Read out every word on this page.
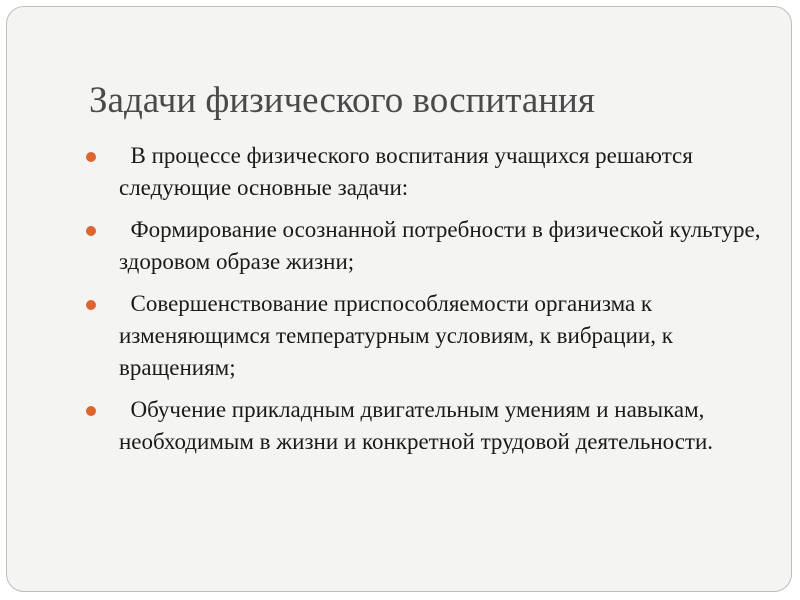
Задачи физического воспитания
В процессе физического воспитания учащихся решаются следующие основные задачи:
Формирование осознанной потребности в физической культуре, здоровом образе жизни;
Совершенствование приспособляемости организма к изменяющимся температурным условиям, к вибрации, к вращениям;
Обучение прикладным двигательным умениям и навыкам, необходимым в жизни и конкретной трудовой деятельности.
